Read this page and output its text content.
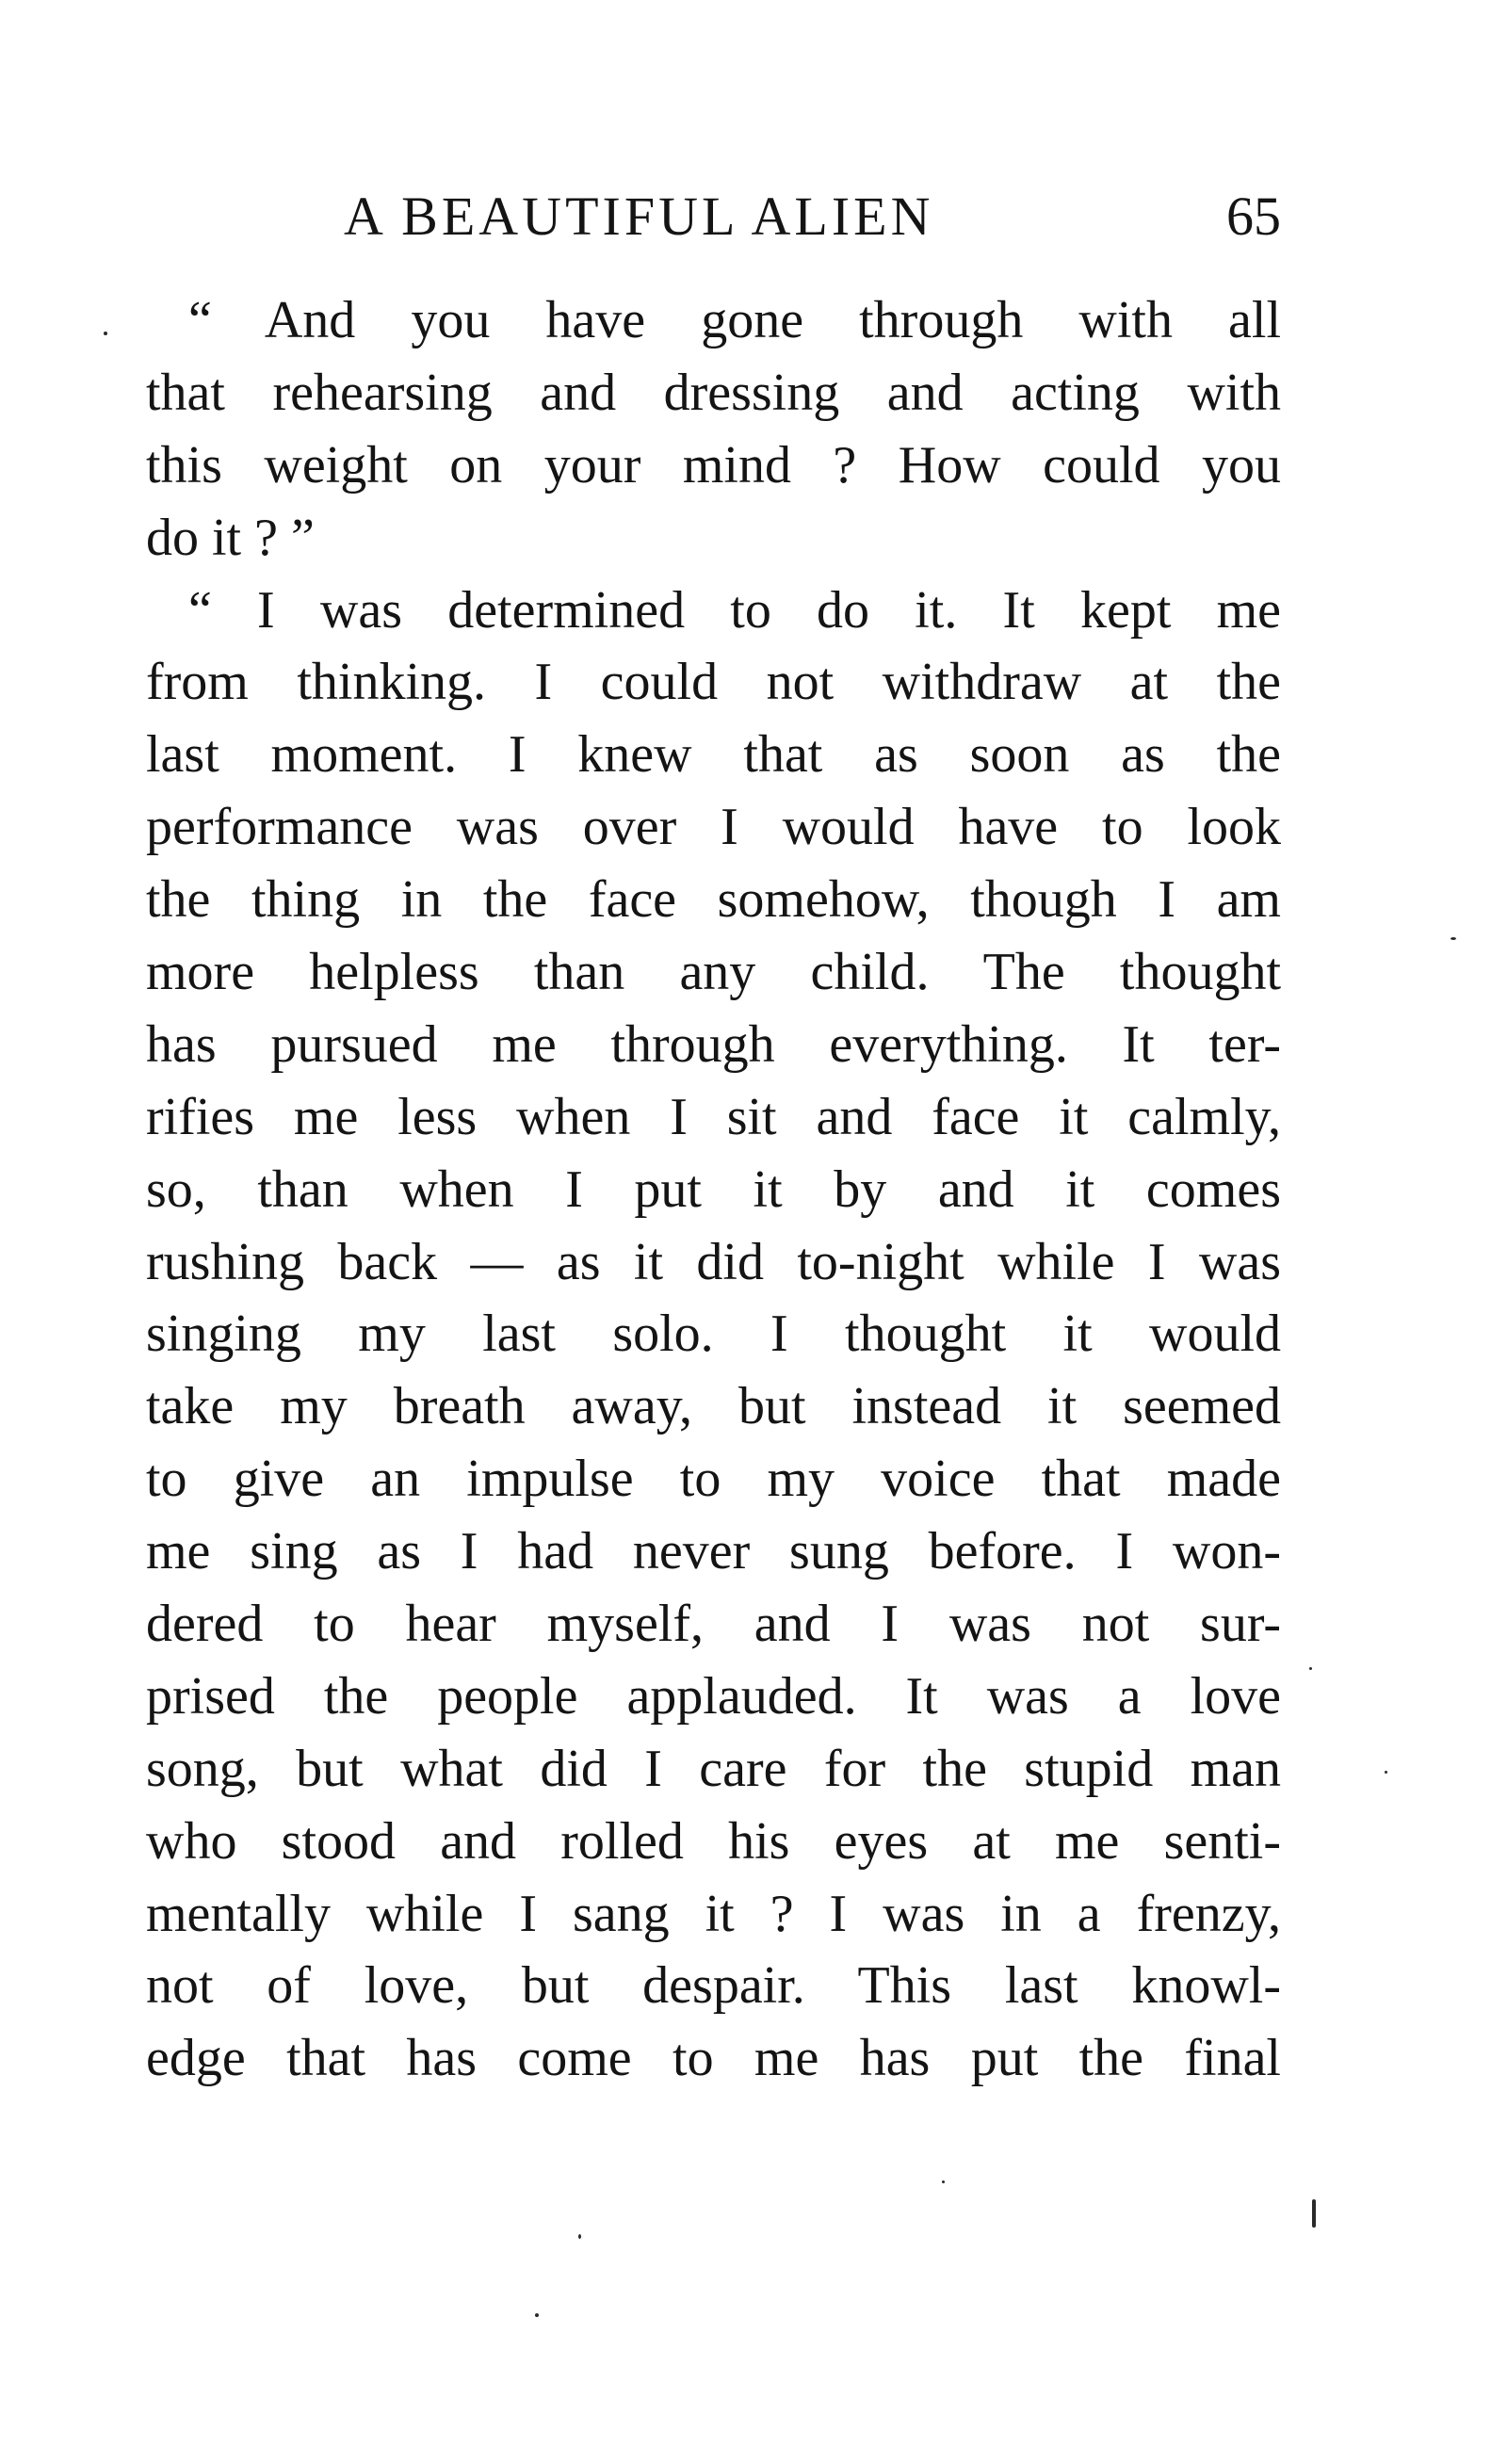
A BEAUTIFUL ALIEN	65
“ And you have gone through with all
that rehearsing and dressing and acting with
this weight on your mind ? How could you
do it ? ”
“ I was determined to do it. It kept me
from thinking. I could not withdraw at the
last moment. I knew that as soon as the
performance was over I would have to look
the thing in the face somehow, though I am
more helpless than any child. The thought
has pursued me through everything. It ter-
rifies me less when I sit and face it calmly,
so, than when I put it by and it comes
rushing back — as it did to-night while I was
singing my last solo. I thought it would
take my breath away, but instead it seemed
to give an impulse to my voice that made
me sing as I had never sung before. I won-
dered to hear myself, and I was not sur-
prised the people applauded. It was a love
song, but what did I care for the stupid man
who stood and rolled his eyes at me senti-
mentally while I sang it ? I was in a frenzy,
not of love, but despair. This last knowl-
edge that has come to me has put the final
